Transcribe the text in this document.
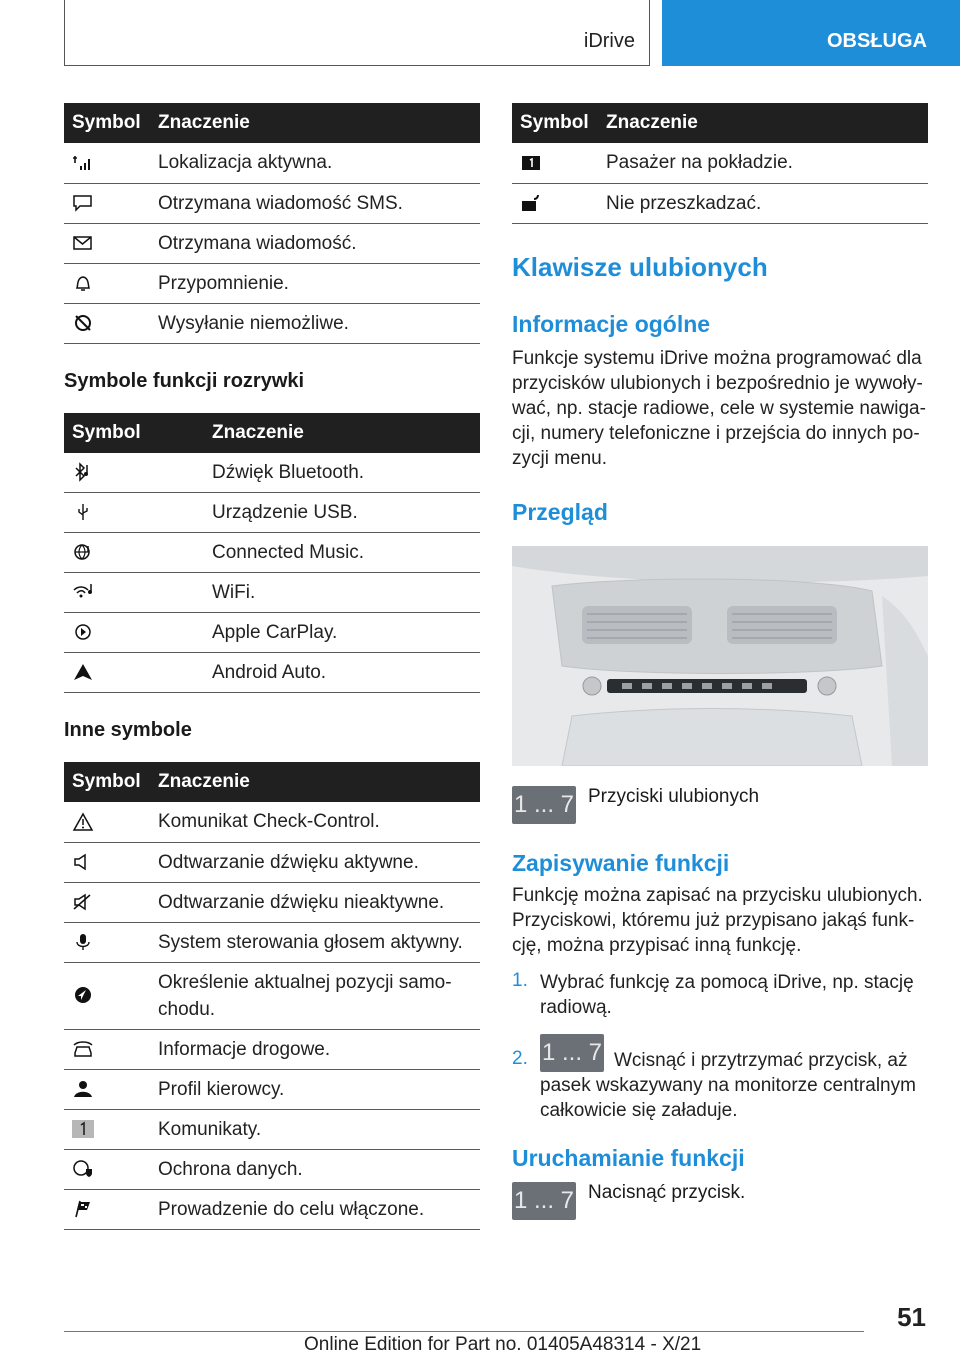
iDrive	OBSŁUGA
Symbol	Znaczenie
	Lokalizacja aktywna.
	Otrzymana wiadomość SMS.
	Otrzymana wiadomość.
	Przypomnienie.
	Wysyłanie niemożliwe.
Symbole funkcji rozrywki
Symbol	Znaczenie
	Dźwięk Bluetooth.
	Urządzenie USB.
	Connected Music.
	WiFi.
	Apple CarPlay.
	Android Auto.
Inne symbole
Symbol	Znaczenie
	Komunikat Check-Control.
	Odtwarzanie dźwięku aktywne.
	Odtwarzanie dźwięku nieaktywne.
	System sterowania głosem aktywny.
	Określenie aktualnej pozycji samochodu.
	Informacje drogowe.
	Profil kierowcy.
	Komunikaty.
	Ochrona danych.
	Prowadzenie do celu włączone.
Symbol	Znaczenie
	Pasażer na pokładzie.
	Nie przeszkadzać.
Klawisze ulubionych
Informacje ogólne

Funkcje systemu iDrive można programować dla przycisków ulubionych i bezpośrednio je wywoływać, np. stacje radiowe, cele w systemie nawigacji, numery telefoniczne i przejścia do innych pozycji menu.

Przegląd
1 ... 7 Przyciski ulubionych
Zapisywanie funkcji

Funkcję można zapisać na przycisku ulubionych. Przyciskowi, któremu już przypisano jakąś funkcję, można przypisać inną funkcję.

1. Wybrać funkcję za pomocą iDrive, np. stację radiową.

2. 1 ... 7 Wcisnąć i przytrzymać przycisk, aż pasek wskazywany na monitorze centralnym całkowicie się załaduje.

Uruchamianie funkcji
1 ... 7 Nacisnąć przycisk.
51
Online Edition for Part no. 01405A48314 - X/21
